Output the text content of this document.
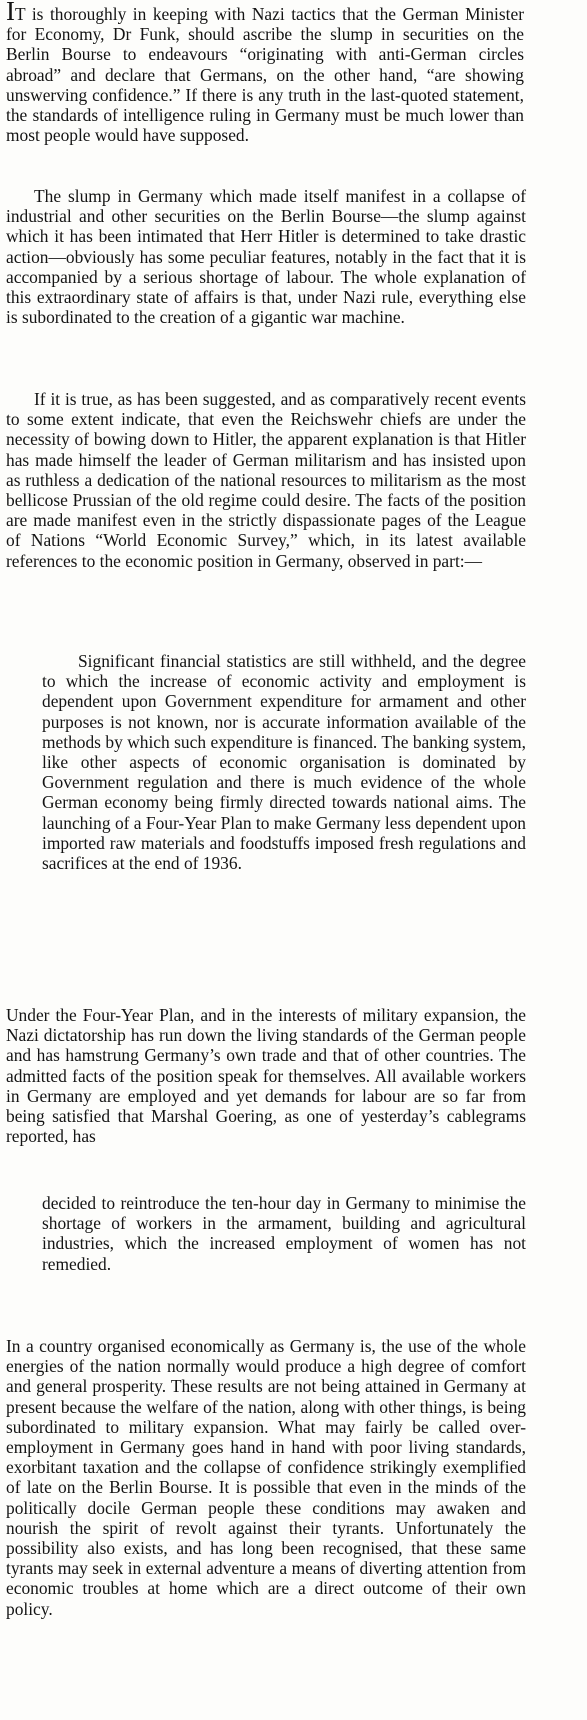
IT is thoroughly in keeping with Nazi tactics that the German Minister for Economy, Dr Funk, should ascribe the slump in securities on the Berlin Bourse to endeavours “originating with anti-German circles abroad” and declare that Germans, on the other hand, “are showing unswerving confidence.” If there is any truth in the last-quoted statement, the standards of intelligence ruling in Germany must be much lower than most people would have supposed.

The slump in Germany which made itself manifest in a collapse of industrial and other securities on the Berlin Bourse—the slump against which it has been intimated that Herr Hitler is determined to take drastic action—obviously has some peculiar features, notably in the fact that it is accompanied by a serious shortage of labour. The whole explanation of this extraordinary state of affairs is that, under Nazi rule, everything else is subordinated to the creation of a gigantic war machine.

If it is true, as has been suggested, and as comparatively recent events to some extent indicate, that even the Reichswehr chiefs are under the necessity of bowing down to Hitler, the apparent explanation is that Hitler has made himself the leader of German militarism and has insisted upon as ruthless a dedication of the national resources to militarism as the most bellicose Prussian of the old regime could desire. The facts of the position are made manifest even in the strictly dispassionate pages of the League of Nations “World Economic Survey,” which, in its latest available references to the economic position in Germany, observed in part:—

Significant financial statistics are still withheld, and the degree to which the increase of economic activity and employment is dependent upon Government expenditure for armament and other purposes is not known, nor is accurate information available of the methods by which such expenditure is financed. The banking system, like other aspects of economic organisation is dominated by Government regulation and there is much evidence of the whole German economy being firmly directed towards national aims. The launching of a Four-Year Plan to make Germany less dependent upon imported raw materials and foodstuffs imposed fresh regulations and sacrifices at the end of 1936.

Under the Four-Year Plan, and in the interests of military expansion, the Nazi dictatorship has run down the living standards of the German people and has hamstrung Germany’s own trade and that of other countries. The admitted facts of the position speak for themselves. All available workers in Germany are employed and yet demands for labour are so far from being satisfied that Marshal Goering, as one of yesterday’s cablegrams reported, has

decided to reintroduce the ten-hour day in Germany to minimise the shortage of workers in the armament, building and agricultural industries, which the increased employment of women has not remedied.

In a country organised economically as Germany is, the use of the whole energies of the nation normally would produce a high degree of comfort and general prosperity. These results are not being attained in Germany at present because the welfare of the nation, along with other things, is being subordinated to military expansion. What may fairly be called over-employment in Germany goes hand in hand with poor living standards, exorbitant taxation and the collapse of confidence strikingly exemplified of late on the Berlin Bourse. It is possible that even in the minds of the politically docile German people these conditions may awaken and nourish the spirit of revolt against their tyrants. Unfortunately the possibility also exists, and has long been recognised, that these same tyrants may seek in external adventure a means of diverting attention from economic troubles at home which are a direct outcome of their own policy.
